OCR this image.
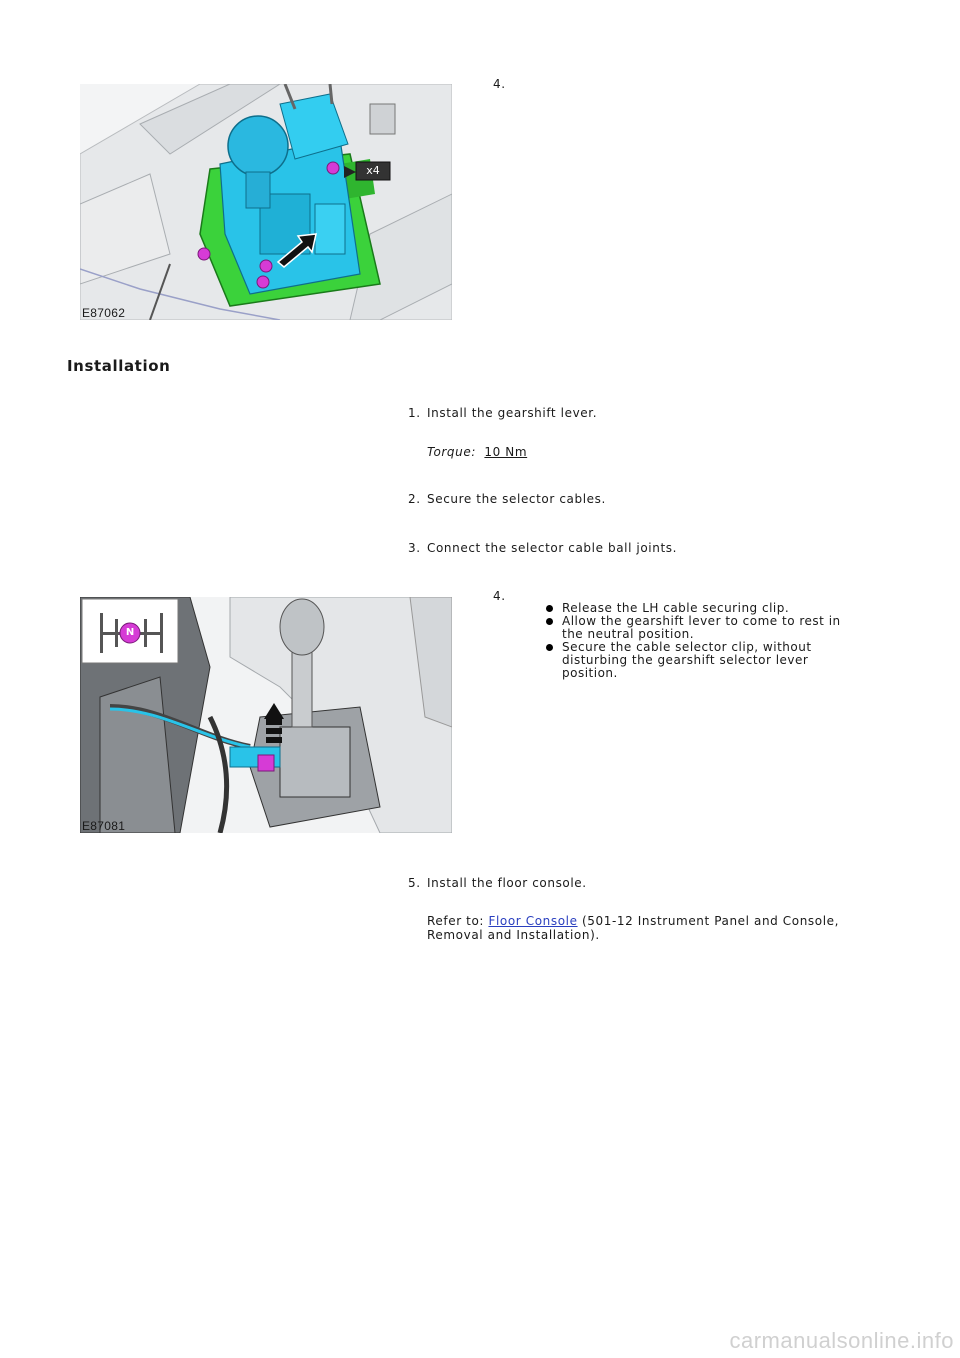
x4
E87062
4.
Installation
1. Install the gearshift lever.
Torque: 10 Nm
2. Secure the selector cables.
3. Connect the selector cable ball joints.
N
E87081
4.
Release the LH cable securing clip.
Allow the gearshift lever to come to rest in the neutral position.
Secure the cable selector clip, without disturbing the gearshift selector lever position.
5. Install the floor console.
Refer to: Floor Console (501-12 Instrument Panel and Console, Removal and Installation).
carmanualsonline.info
